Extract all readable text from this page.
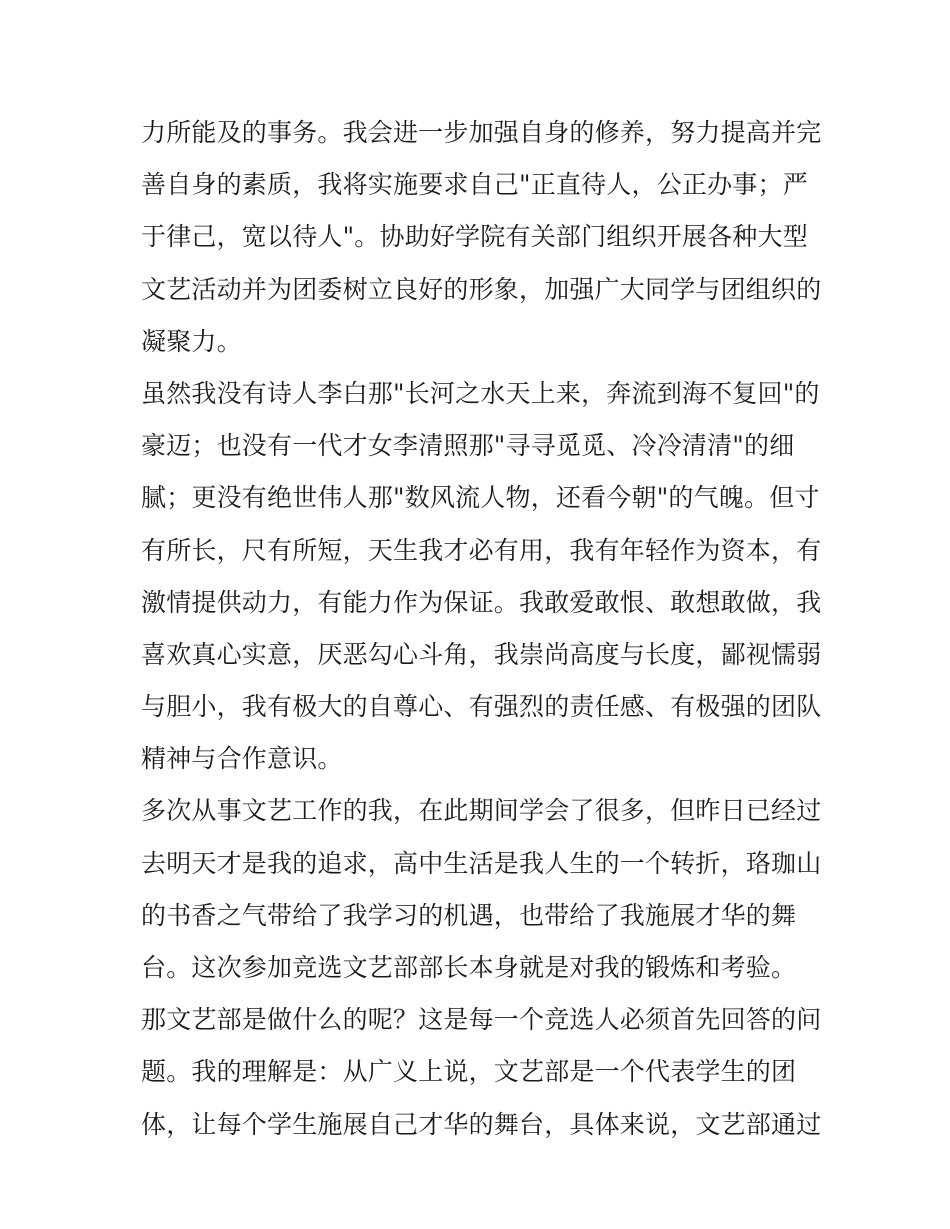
力所能及的事务。我会进一步加强自身的修养，努力提高并完
善自身的素质，我将实施要求自己"正直待人，公正办事；严
于律己，宽以待人"。协助好学院有关部门组织开展各种大型
文艺活动并为团委树立良好的形象，加强广大同学与团组织的
凝聚力。
虽然我没有诗人李白那"长河之水天上来，奔流到海不复回"的
豪迈；也没有一代才女李清照那"寻寻觅觅、冷冷清清"的细
腻；更没有绝世伟人那"数风流人物，还看今朝"的气魄。但寸
有所长，尺有所短，天生我才必有用，我有年轻作为资本，有
激情提供动力，有能力作为保证。我敢爱敢恨、敢想敢做，我
喜欢真心实意，厌恶勾心斗角，我崇尚高度与长度，鄙视懦弱
与胆小，我有极大的自尊心、有强烈的责任感、有极强的团队
精神与合作意识。
多次从事文艺工作的我，在此期间学会了很多，但昨日已经过
去明天才是我的追求，高中生活是我人生的一个转折，珞珈山
的书香之气带给了我学习的机遇，也带给了我施展才华的舞
台。这次参加竞选文艺部部长本身就是对我的锻炼和考验。
那文艺部是做什么的呢？这是每一个竞选人必须首先回答的问
题。我的理解是：从广义上说，文艺部是一个代表学生的团
体，让每个学生施展自己才华的舞台，具体来说，文艺部通过
